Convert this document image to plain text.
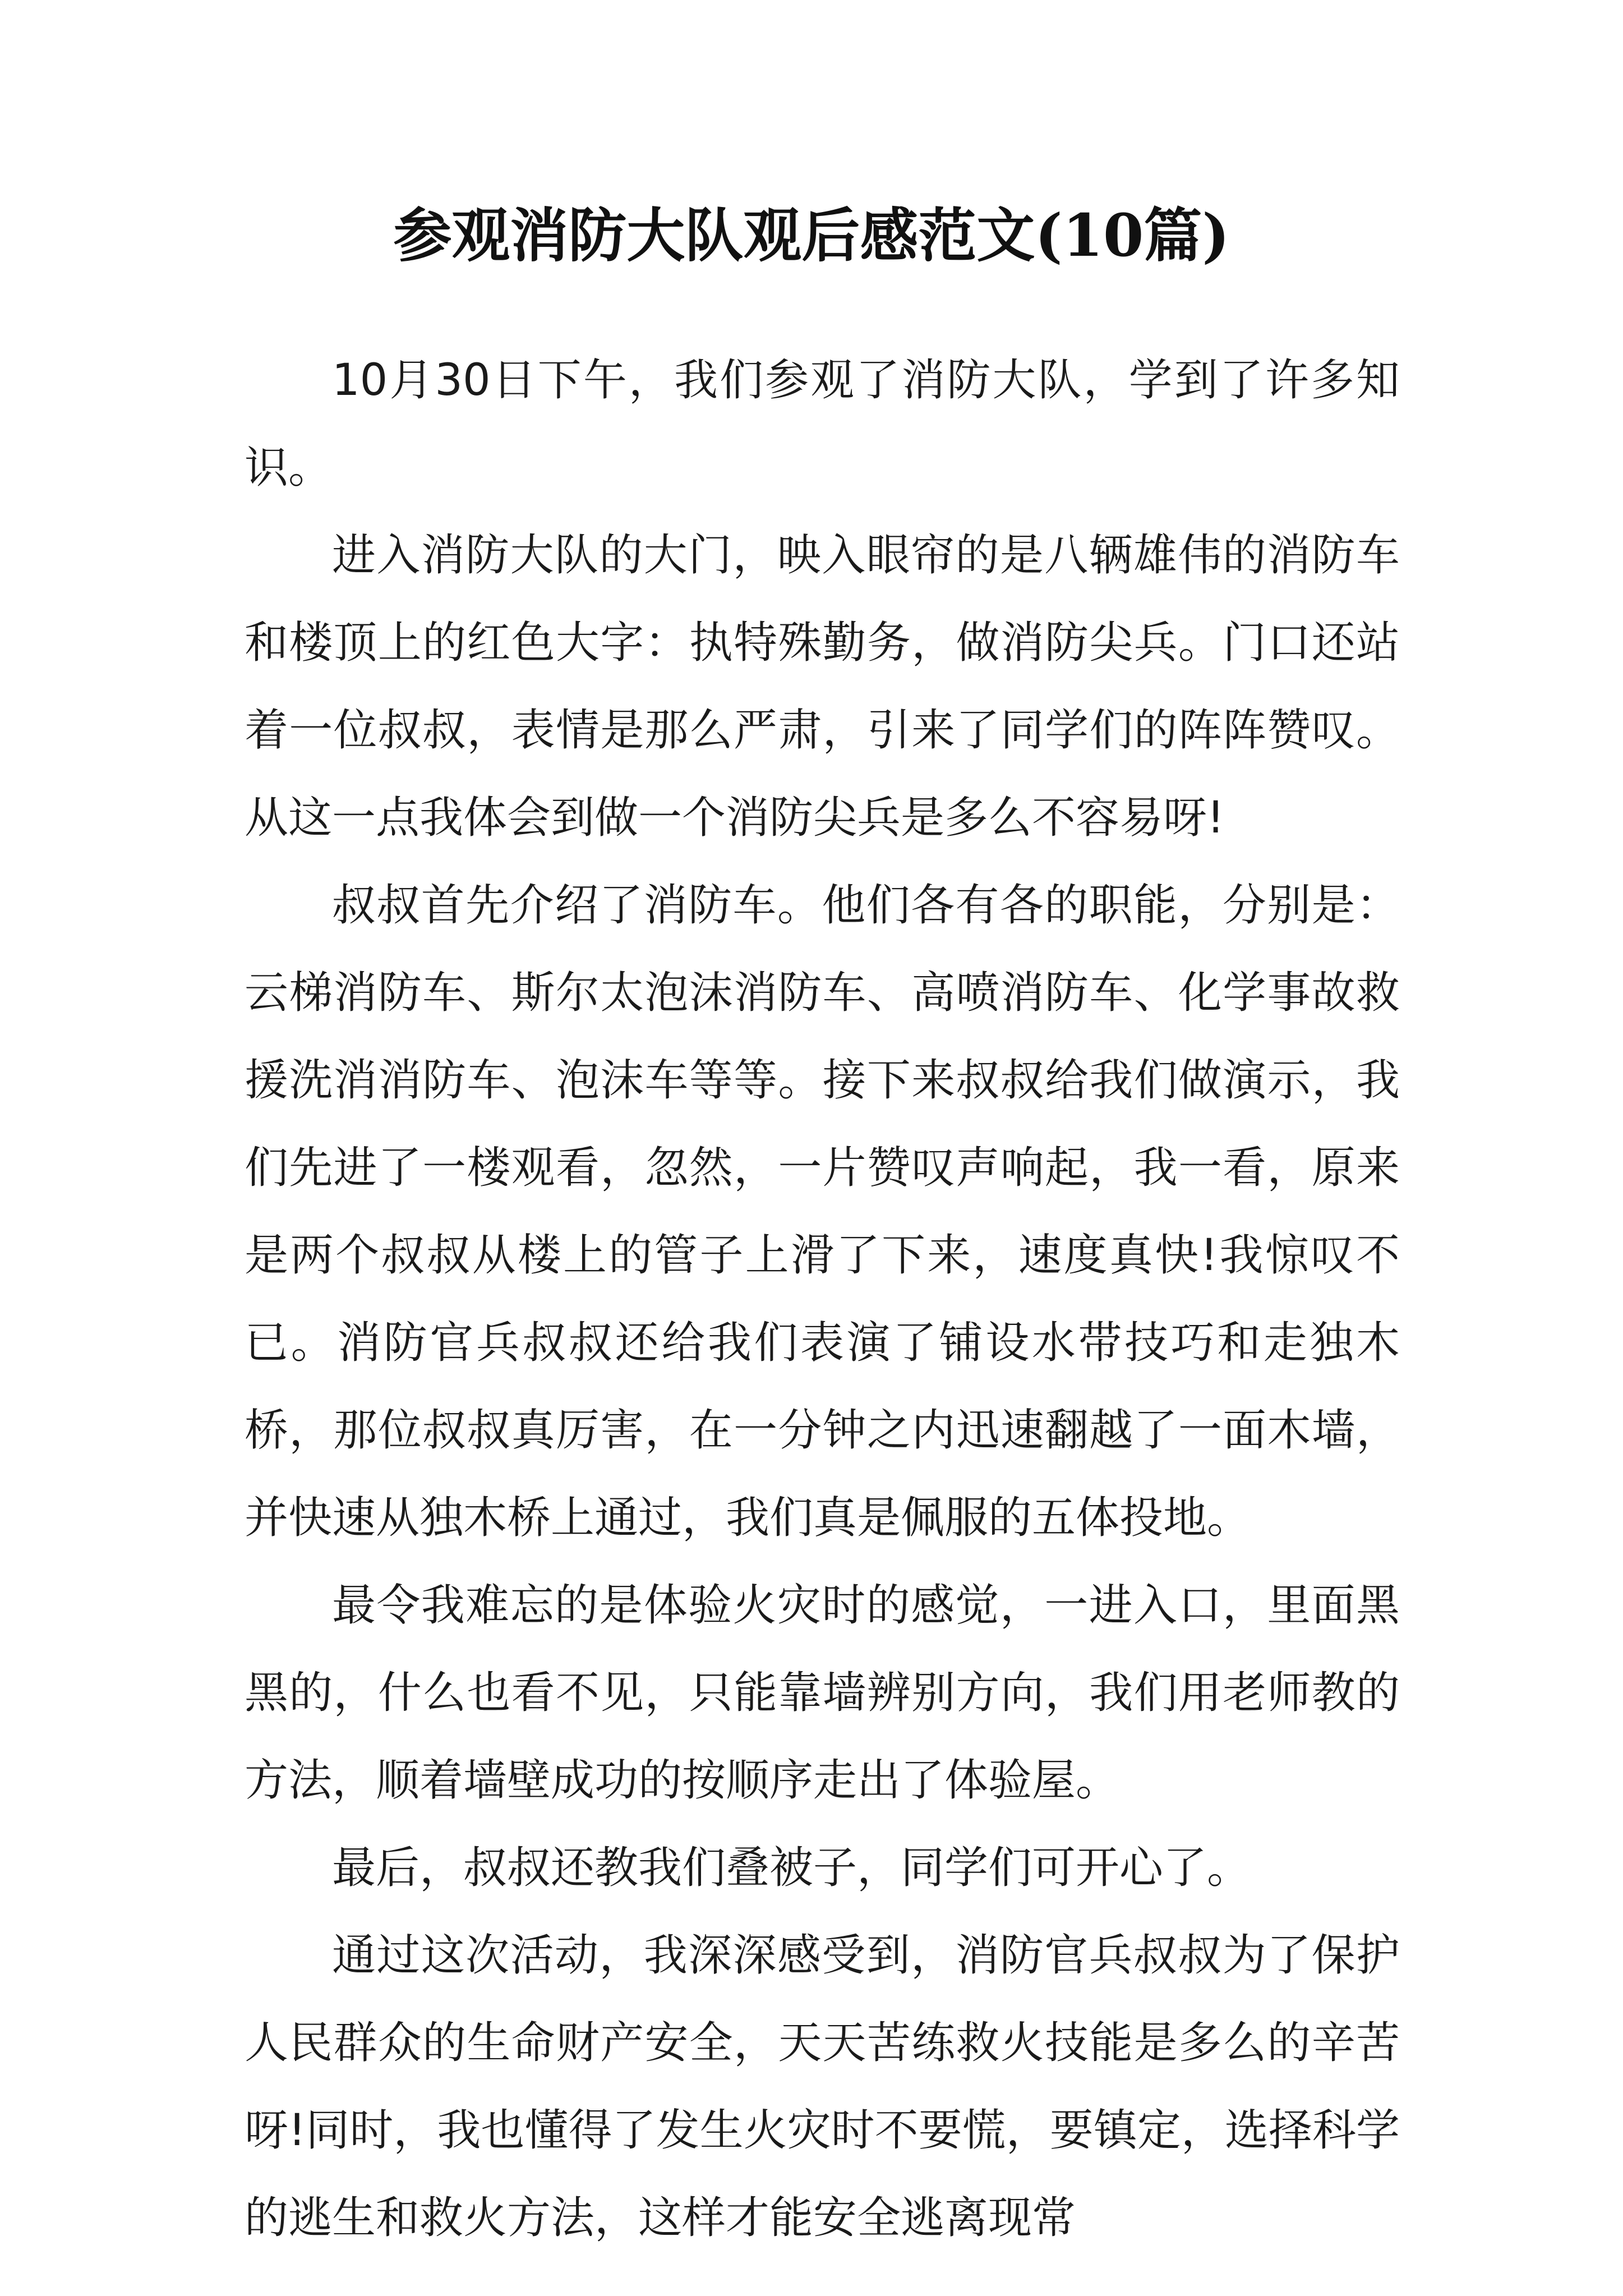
参观消防大队观后感范文(10篇)

10月30日下午，我们参观了消防大队，学到了许多知识。

进入消防大队的大门，映入眼帘的是八辆雄伟的消防车和楼顶上的红色大字：执特殊勤务，做消防尖兵。门口还站着一位叔叔，表情是那么严肃，引来了同学们的阵阵赞叹。从这一点我体会到做一个消防尖兵是多么不容易呀!

叔叔首先介绍了消防车。他们各有各的职能，分别是：云梯消防车、斯尔太泡沫消防车、高喷消防车、化学事故救援洗消消防车、泡沫车等等。接下来叔叔给我们做演示，我们先进了一楼观看，忽然，一片赞叹声响起，我一看，原来是两个叔叔从楼上的管子上滑了下来，速度真快!我惊叹不已。消防官兵叔叔还给我们表演了铺设水带技巧和走独木桥，那位叔叔真厉害，在一分钟之内迅速翻越了一面木墙，并快速从独木桥上通过，我们真是佩服的五体投地。

最令我难忘的是体验火灾时的感觉，一进入口，里面黑黑的，什么也看不见，只能靠墙辨别方向，我们用老师教的方法，顺着墙壁成功的按顺序走出了体验屋。

最后，叔叔还教我们叠被子，同学们可开心了。

通过这次活动，我深深感受到，消防官兵叔叔为了保护人民群众的生命财产安全，天天苦练救火技能是多么的辛苦呀!同时，我也懂得了发生火灾时不要慌，要镇定，选择科学的逃生和救火方法，这样才能安全逃离现常
